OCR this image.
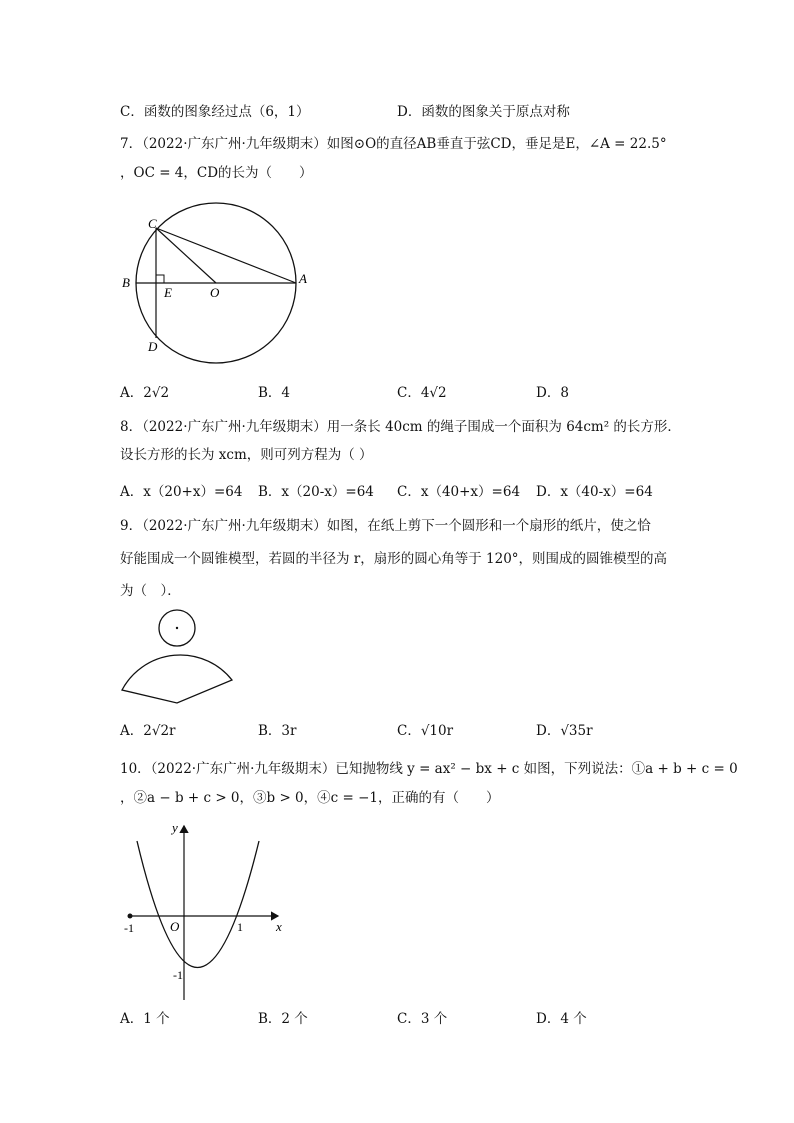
C．函数的图象经过点（6，1）	D．函数的图象关于原点对称
7．（2022·广东广州·九年级期末）如图⊙O的直径AB垂直于弦CD，垂足是E，∠A = 22.5°
，OC = 4，CD的长为（　　）
C
B
E	O
A
D
A．2√2	B．4	C．4√2	D．8
8．（2022·广东广州·九年级期末）用一条长 40cm 的绳子围成一个面积为 64cm² 的长方形．
设长方形的长为 xcm，则可列方程为（ ）
A．x（20+x）=64 B．x（20-x）=64 C．x（40+x）=64 D．x（40-x）=64
9．（2022·广东广州·九年级期末）如图，在纸上剪下一个圆形和一个扇形的纸片，使之恰
好能围成一个圆锥模型，若圆的半径为 r，扇形的圆心角等于 120°，则围成的圆锥模型的高
为（　）．
A．2√2r	B．3r	C．√10r	D．√35r
10．（2022·广东广州·九年级期末）已知抛物线 y = ax² − bx + c 如图，下列说法：①a + b + c = 0
，②a − b + c > 0，③b > 0，④c = −1，正确的有（　　）
y
x
O
-1	1
-1
A．1 个	B．2 个	C．3 个	D．4 个
